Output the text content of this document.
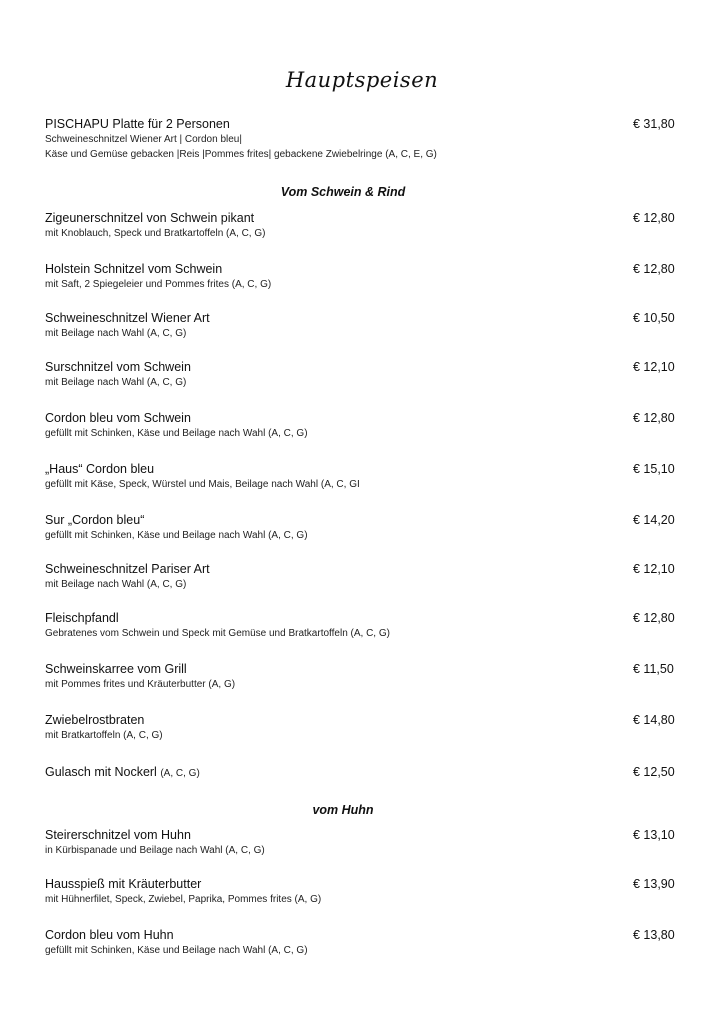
Hauptspeisen
PISCHAPU Platte für 2 Personen
Schweineschnitzel Wiener Art | Cordon bleu|
Käse und Gemüse gebacken |Reis |Pommes frites| gebackene Zwiebelringe (A, C, E, G)
€ 31,80
Vom Schwein & Rind
Zigeunerschnitzel von Schwein pikant
mit Knoblauch, Speck und Bratkartoffeln (A, C, G)
€ 12,80
Holstein Schnitzel vom Schwein
mit Saft, 2 Spiegeleier und Pommes frites (A, C, G)
€ 12,80
Schweineschnitzel Wiener Art
mit Beilage nach Wahl (A, C, G)
€ 10,50
Surschnitzel vom Schwein
mit Beilage nach Wahl (A, C, G)
€ 12,10
Cordon bleu vom Schwein
gefüllt mit Schinken, Käse und Beilage nach Wahl (A, C, G)
€ 12,80
„Haus“ Cordon bleu
gefüllt mit Käse, Speck, Würstel und Mais, Beilage nach Wahl (A, C, GI
€ 15,10
Sur „Cordon bleu“
gefüllt mit Schinken, Käse und Beilage nach Wahl (A, C, G)
€ 14,20
Schweineschnitzel Pariser Art
mit Beilage nach Wahl (A, C, G)
€ 12,10
Fleischpfandl
Gebratenes vom Schwein und Speck mit Gemüse und Bratkartoffeln (A, C, G)
€ 12,80
Schweinskarree vom Grill
mit Pommes frites und Kräuterbutter (A, G)
€ 11,50
Zwiebelrostbraten
mit Bratkartoffeln (A, C, G)
€ 14,80
Gulasch mit Nockerl (A, C, G)	€ 12,50
vom Huhn
Steirerschnitzel vom Huhn
in Kürbispanade und Beilage nach Wahl (A, C, G)
€ 13,10
Hausspieß mit Kräuterbutter
mit Hühnerfilet, Speck, Zwiebel, Paprika, Pommes frites (A, G)
€ 13,90
Cordon bleu vom Huhn
gefüllt mit Schinken, Käse und Beilage nach Wahl (A, C, G)
€ 13,80
